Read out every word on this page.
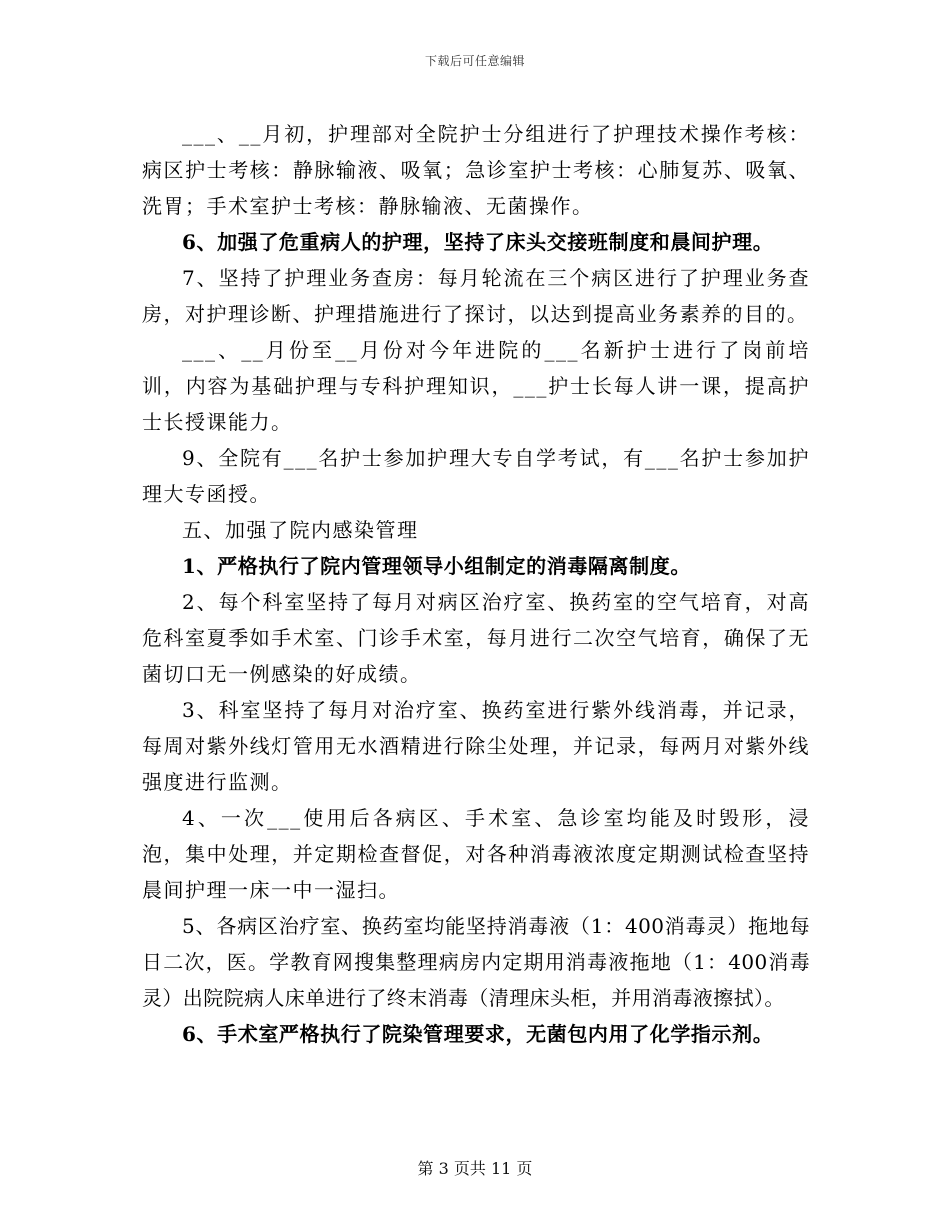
下载后可任意编辑

___、__月初，护理部对全院护士分组进行了护理技术操作考核：病区护士考核：静脉输液、吸氧；急诊室护士考核：心肺复苏、吸氧、洗胃；手术室护士考核：静脉输液、无菌操作。

6、加强了危重病人的护理，坚持了床头交接班制度和晨间护理。

7、坚持了护理业务查房：每月轮流在三个病区进行了护理业务查房，对护理诊断、护理措施进行了探讨，以达到提高业务素养的目的。

___、__月份至__月份对今年进院的___名新护士进行了岗前培训，内容为基础护理与专科护理知识，___护士长每人讲一课，提高护士长授课能力。

9、全院有___名护士参加护理大专自学考试，有___名护士参加护理大专函授。

五、加强了院内感染管理

1、严格执行了院内管理领导小组制定的消毒隔离制度。

2、每个科室坚持了每月对病区治疗室、换药室的空气培育，对高危科室夏季如手术室、门诊手术室，每月进行二次空气培育，确保了无菌切口无一例感染的好成绩。

3、科室坚持了每月对治疗室、换药室进行紫外线消毒，并记录，每周对紫外线灯管用无水酒精进行除尘处理，并记录，每两月对紫外线强度进行监测。

4、一次___使用后各病区、手术室、急诊室均能及时毁形，浸泡，集中处理，并定期检查督促，对各种消毒液浓度定期测试检查坚持晨间护理一床一中一湿扫。

5、各病区治疗室、换药室均能坚持消毒液（1：400消毒灵）拖地每日二次，医。学教育网搜集整理病房内定期用消毒液拖地（1：400消毒灵）出院院病人床单进行了终末消毒（清理床头柜，并用消毒液擦拭）。

6、手术室严格执行了院染管理要求，无菌包内用了化学指示剂。

第 3 页共 11 页
